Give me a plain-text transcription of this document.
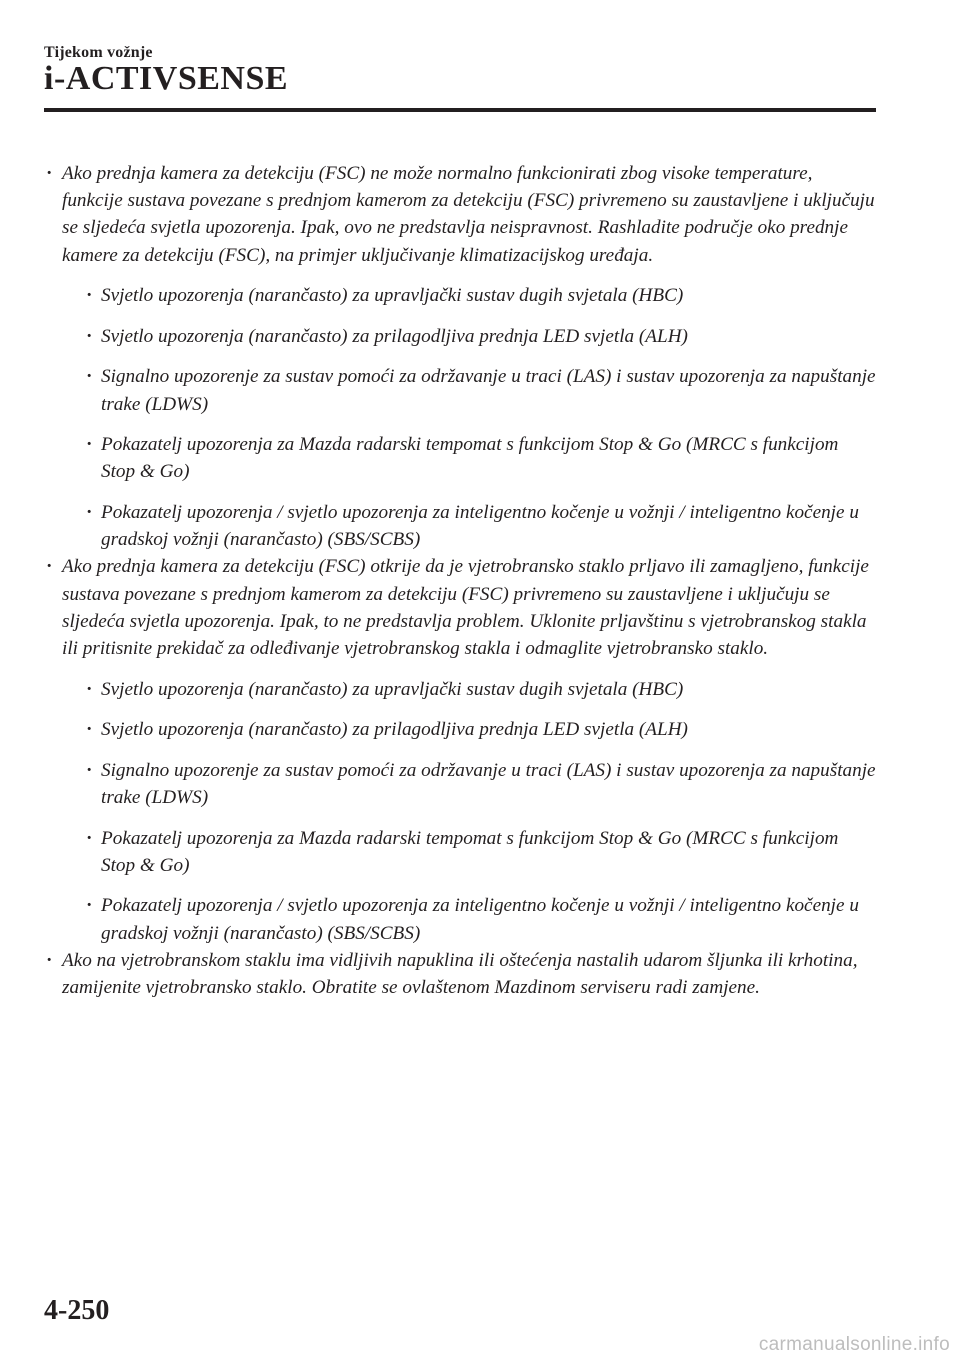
Tijekom vožnje
i-ACTIVSENSE
· Ako prednja kamera za detekciju (FSC) ne može normalno funkcionirati zbog visoke temperature, funkcije sustava povezane s prednjom kamerom za detekciju (FSC) privremeno su zaustavljene i uključuju se sljedeća svjetla upozorenja. Ipak, ovo ne predstavlja neispravnost. Rashladite područje oko prednje kamere za detekciju (FSC), na primjer uključivanje klimatizacijskog uređaja.
· Svjetlo upozorenja (narančasto) za upravljački sustav dugih svjetala (HBC)
· Svjetlo upozorenja (narančasto) za prilagodljiva prednja LED svjetla (ALH)
· Signalno upozorenje za sustav pomoći za održavanje u traci (LAS) i sustav upozorenja za napuštanje trake (LDWS)
· Pokazatelj upozorenja za Mazda radarski tempomat s funkcijom Stop & Go (MRCC s funkcijom Stop & Go)
· Pokazatelj upozorenja / svjetlo upozorenja za inteligentno kočenje u vožnji / inteligentno kočenje u gradskoj vožnji (narančasto) (SBS/SCBS)
· Ako prednja kamera za detekciju (FSC) otkrije da je vjetrobransko staklo prljavo ili zamagljeno, funkcije sustava povezane s prednjom kamerom za detekciju (FSC) privremeno su zaustavljene i uključuju se sljedeća svjetla upozorenja. Ipak, to ne predstavlja problem. Uklonite prljavštinu s vjetrobranskog stakla ili pritisnite prekidač za odleđivanje vjetrobranskog stakla i odmaglite vjetrobransko staklo.
· Svjetlo upozorenja (narančasto) za upravljački sustav dugih svjetala (HBC)
· Svjetlo upozorenja (narančasto) za prilagodljiva prednja LED svjetla (ALH)
· Signalno upozorenje za sustav pomoći za održavanje u traci (LAS) i sustav upozorenja za napuštanje trake (LDWS)
· Pokazatelj upozorenja za Mazda radarski tempomat s funkcijom Stop & Go (MRCC s funkcijom Stop & Go)
· Pokazatelj upozorenja / svjetlo upozorenja za inteligentno kočenje u vožnji / inteligentno kočenje u gradskoj vožnji (narančasto) (SBS/SCBS)
· Ako na vjetrobranskom staklu ima vidljivih napuklina ili oštećenja nastalih udarom šljunka ili krhotina, zamijenite vjetrobransko staklo. Obratite se ovlaštenom Mazdinom serviseru radi zamjene.
4-250
carmanualsonline.info
